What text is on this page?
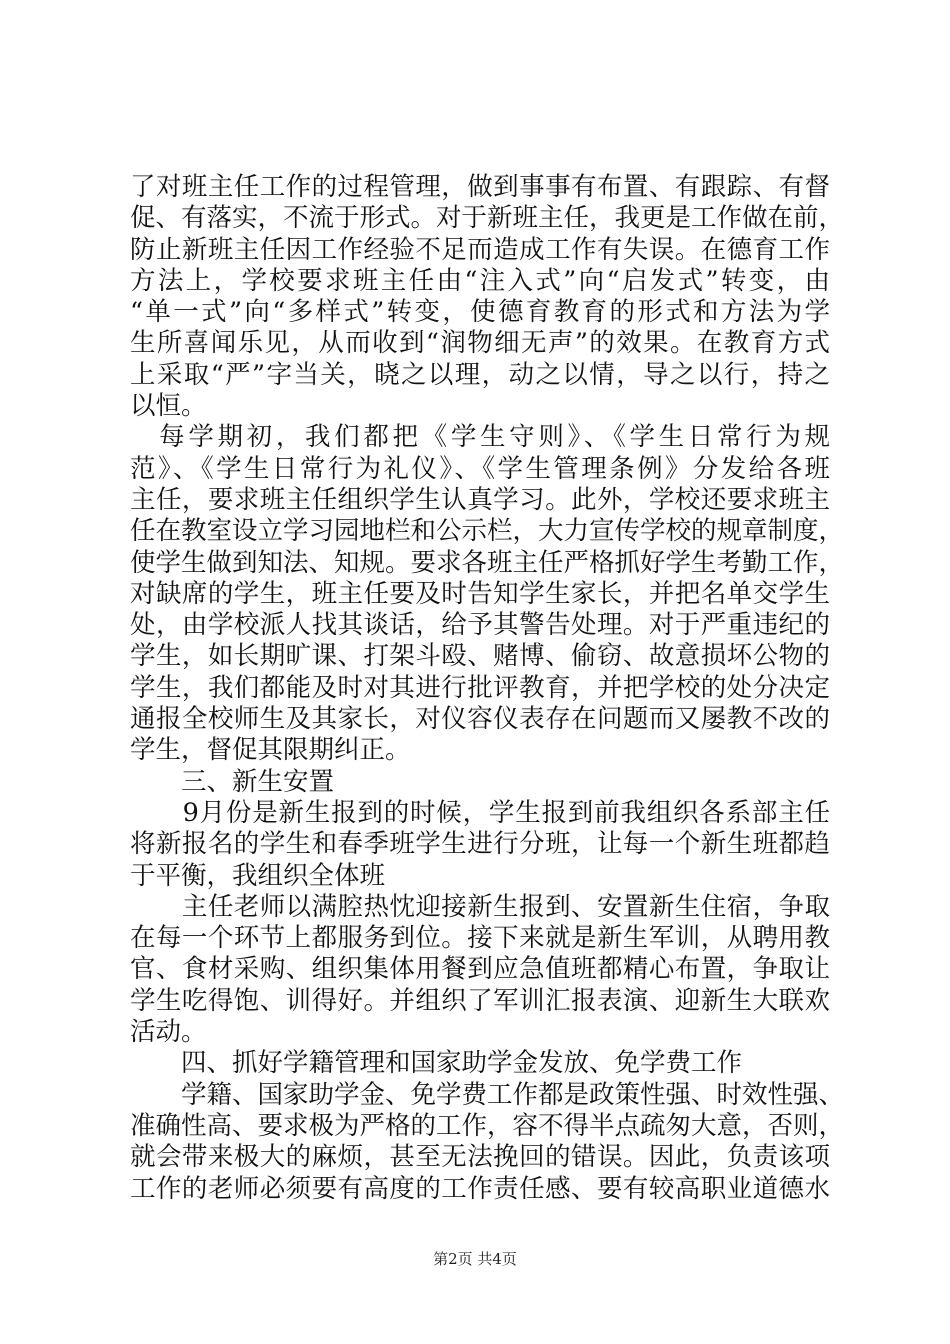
了对班主任工作的过程管理，做到事事有布置、有跟踪、有督
促、有落实，不流于形式。对于新班主任，我更是工作做在前，
防止新班主任因工作经验不足而造成工作有失误。在德育工作
方法上，学校要求班主任由“注入式”向“启发式”转变，由
“单一式”向“多样式”转变，使德育教育的形式和方法为学
生所喜闻乐见，从而收到“润物细无声”的效果。在教育方式
上采取“严”字当关，晓之以理，动之以情，导之以行，持之
以恒。
　每学期初，我们都把《学生守则》、《学生日常行为规
范》、《学生日常行为礼仪》、《学生管理条例》分发给各班
主任，要求班主任组织学生认真学习。此外，学校还要求班主
任在教室设立学习园地栏和公示栏，大力宣传学校的规章制度，
使学生做到知法、知规。要求各班主任严格抓好学生考勤工作，
对缺席的学生，班主任要及时告知学生家长，并把名单交学生
处，由学校派人找其谈话，给予其警告处理。对于严重违纪的
学生，如长期旷课、打架斗殴、赌博、偷窃、故意损坏公物的
学生，我们都能及时对其进行批评教育，并把学校的处分决定
通报全校师生及其家长，对仪容仪表存在问题而又屡教不改的
学生，督促其限期纠正。
　　三、新生安置
　　9月份是新生报到的时候，学生报到前我组织各系部主任
将新报名的学生和春季班学生进行分班，让每一个新生班都趋
于平衡，我组织全体班
　　主任老师以满腔热忱迎接新生报到、安置新生住宿，争取
在每一个环节上都服务到位。接下来就是新生军训，从聘用教
官、食材采购、组织集体用餐到应急值班都精心布置，争取让
学生吃得饱、训得好。并组织了军训汇报表演、迎新生大联欢
活动。
　　四、抓好学籍管理和国家助学金发放、免学费工作
　　学籍、国家助学金、免学费工作都是政策性强、时效性强、
准确性高、要求极为严格的工作，容不得半点疏匆大意，否则，
就会带来极大的麻烦，甚至无法挽回的错误。因此，负责该项
工作的老师必须要有高度的工作责任感、要有较高职业道德水
第2页 共4页
